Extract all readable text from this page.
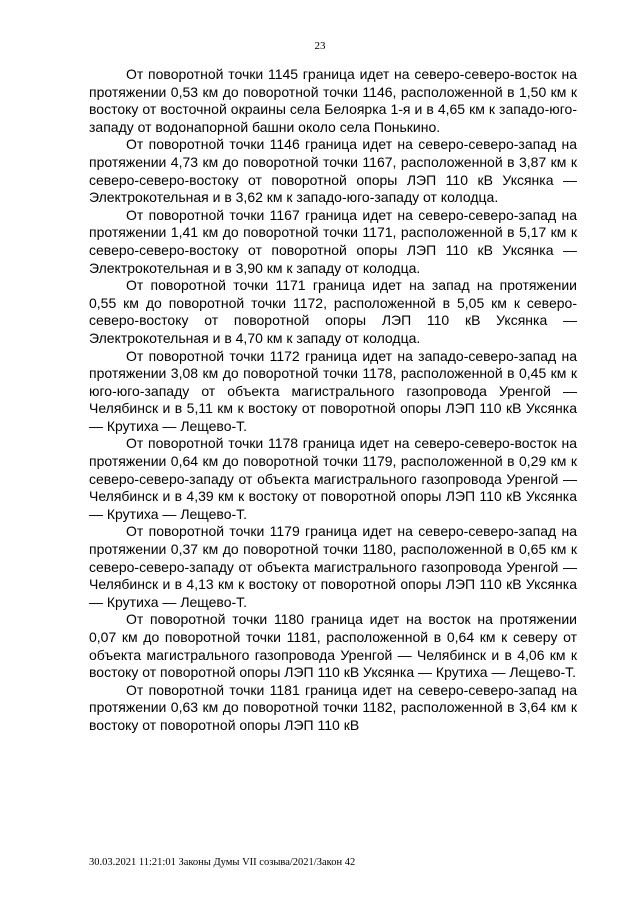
23

От поворотной точки 1145 граница идет на северо-северо-восток на протяжении 0,53 км до поворотной точки 1146, расположенной в 1,50 км к востоку от восточной окраины села Белоярка 1-я и в 4,65 км к западо-юго-западу от водонапорной башни около села Понькино.

От поворотной точки 1146 граница идет на северо-северо-запад на протяжении 4,73 км до поворотной точки 1167, расположенной в 3,87 км к северо-северо-востоку от поворотной опоры ЛЭП 110 кВ Уксянка — Электрокотельная и в 3,62 км к западо-юго-западу от колодца.

От поворотной точки 1167 граница идет на северо-северо-запад на протяжении 1,41 км до поворотной точки 1171, расположенной в 5,17 км к северо-северо-востоку от поворотной опоры ЛЭП 110 кВ Уксянка — Электрокотельная и в 3,90 км к западу от колодца.

От поворотной точки 1171 граница идет на запад на протяжении 0,55 км до поворотной точки 1172, расположенной в 5,05 км к северо-северо-востоку от поворотной опоры ЛЭП 110 кВ Уксянка — Электрокотельная и в 4,70 км к западу от колодца.

От поворотной точки 1172 граница идет на западо-северо-запад на протяжении 3,08 км до поворотной точки 1178, расположенной в 0,45 км к юго-юго-западу от объекта магистрального газопровода Уренгой — Челябинск и в 5,11 км к востоку от поворотной опоры ЛЭП 110 кВ Уксянка — Крутиха — Лещево-Т.

От поворотной точки 1178 граница идет на северо-северо-восток на протяжении 0,64 км до поворотной точки 1179, расположенной в 0,29 км к северо-северо-западу от объекта магистрального газопровода Уренгой — Челябинск и в 4,39 км к востоку от поворотной опоры ЛЭП 110 кВ Уксянка — Крутиха — Лещево-Т.

От поворотной точки 1179 граница идет на северо-северо-запад на протяжении 0,37 км до поворотной точки 1180, расположенной в 0,65 км к северо-северо-западу от объекта магистрального газопровода Уренгой — Челябинск и в 4,13 км к востоку от поворотной опоры ЛЭП 110 кВ Уксянка — Крутиха — Лещево-Т.

От поворотной точки 1180 граница идет на восток на протяжении 0,07 км до поворотной точки 1181, расположенной в 0,64 км к северу от объекта магистрального газопровода Уренгой — Челябинск и в 4,06 км к востоку от поворотной опоры ЛЭП 110 кВ Уксянка — Крутиха — Лещево-Т.

От поворотной точки 1181 граница идет на северо-северо-запад на протяжении 0,63 км до поворотной точки 1182, расположенной в 3,64 км к востоку от поворотной опоры ЛЭП 110 кВ

30.03.2021 11:21:01 Законы Думы VII созыва/2021/Закон 42
